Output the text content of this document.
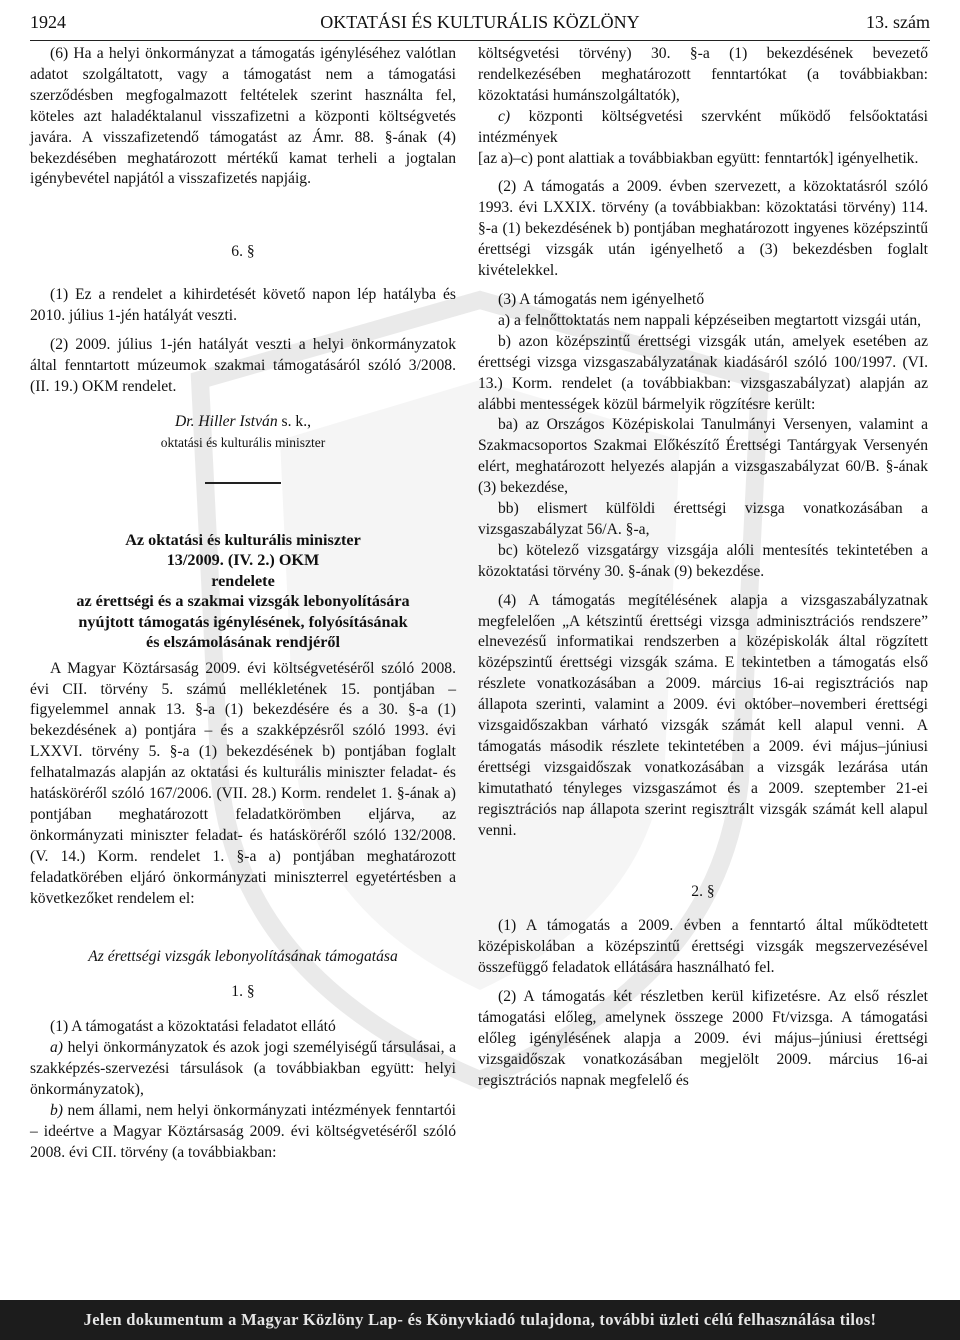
1924	OKTATÁSI ÉS KULTURÁLIS KÖZLÖNY	13. szám

(6) Ha a helyi önkormányzat a támogatás igényléséhez valótlan adatot szolgáltatott, vagy a támogatást nem a támogatási szerződésben megfogalmazott feltételek szerint használta fel, köteles azt haladéktalanul visszafizetni a központi költségvetés javára. A visszafizetendő támogatást az Ámr. 88. §-ának (4) bekezdésében meghatározott mértékű kamat terheli a jogtalan igénybevétel napjától a visszafizetés napjáig.

6. §

(1) Ez a rendelet a kihirdetését követő napon lép hatályba és 2010. július 1-jén hatályát veszti.

(2) 2009. július 1-jén hatályát veszti a helyi önkormányzatok által fenntartott múzeumok szakmai támogatásáról szóló 3/2008. (II. 19.) OKM rendelet.

Dr. Hiller István s. k.,

oktatási és kulturális miniszter

Az oktatási és kulturális miniszter

13/2009. (IV. 2.) OKM

rendelete

az érettségi és a szakmai vizsgák lebonyolítására

nyújtott támogatás igénylésének, folyósításának

és elszámolásának rendjéről

A Magyar Köztársaság 2009. évi költségvetéséről szóló 2008. évi CII. törvény 5. számú mellékletének 15. pontjában – figyelemmel annak 13. §-a (1) bekezdésére és a 30. §-a (1) bekezdésének a) pontjára – és a szakképzésről szóló 1993. évi LXXVI. törvény 5. §-a (1) bekezdésének b) pontjában foglalt felhatalmazás alapján az oktatási és kulturális miniszter feladat- és hatásköréről szóló 167/2006. (VII. 28.) Korm. rendelet 1. §-ának a) pontjában meghatározott feladatkörömben eljárva, az önkormányzati miniszter feladat- és hatásköréről szóló 132/2008. (V. 14.) Korm. rendelet 1. §-a a) pontjában meghatározott feladatkörében eljáró önkormányzati miniszterrel egyetértésben a következőket rendelem el:

Az érettségi vizsgák lebonyolításának támogatása

1. §

(1) A támogatást a közoktatási feladatot ellátó

a) helyi önkormányzatok és azok jogi személyiségű társulásai, a szakképzés-szervezési társulások (a továbbiakban együtt: helyi önkormányzatok),

b) nem állami, nem helyi önkormányzati intézmények fenntartói – ideértve a Magyar Köztársaság 2009. évi költségvetéséről szóló 2008. évi CII. törvény (a továbbiakban:

költségvetési törvény) 30. §-a (1) bekezdésének bevezető rendelkezésében meghatározott fenntartókat (a továbbiakban: közoktatási humánszolgáltatók),

c) központi költségvetési szervként működő felsőoktatási intézmények

[az a)–c) pont alattiak a továbbiakban együtt: fenntartók] igényelhetik.

(2) A támogatás a 2009. évben szervezett, a közoktatásról szóló 1993. évi LXXIX. törvény (a továbbiakban: közoktatási törvény) 114. §-a (1) bekezdésének b) pontjában meghatározott ingyenes középszintű érettségi vizsgák után igényelhető a (3) bekezdésben foglalt kivételekkel.

(3) A támogatás nem igényelhető

a) a felnőttoktatás nem nappali képzéseiben megtartott vizsgái után,

b) azon középszintű érettségi vizsgák után, amelyek esetében az érettségi vizsga vizsgaszabályzatának kiadásáról szóló 100/1997. (VI. 13.) Korm. rendelet (a továbbiakban: vizsgaszabályzat) alapján az alábbi mentességek közül bármelyik rögzítésre került:

ba) az Országos Középiskolai Tanulmányi Versenyen, valamint a Szakmacsoportos Szakmai Előkészítő Érettségi Tantárgyak Versenyén elért, meghatározott helyezés alapján a vizsgaszabályzat 60/B. §-ának (3) bekezdése,

bb) elismert külföldi érettségi vizsga vonatkozásában a vizsgaszabályzat 56/A. §-a,

bc) kötelező vizsgatárgy vizsgája alóli mentesítés tekintetében a közoktatási törvény 30. §-ának (9) bekezdése.

(4) A támogatás megítélésének alapja a vizsgaszabályzatnak megfelelően „A kétszintű érettségi vizsga adminisztrációs rendszere” elnevezésű informatikai rendszerben a középiskolák által rögzített középszintű érettségi vizsgák száma. E tekintetben a támogatás első részlete vonatkozásában a 2009. március 16-ai regisztrációs nap állapota szerinti, valamint a 2009. évi október–novemberi érettségi vizsgaidőszakban várható vizsgák számát kell alapul venni. A támogatás második részlete tekintetében a 2009. évi május–júniusi érettségi vizsgaidőszak vonatkozásában a vizsgák lezárása után kimutatható tényleges vizsgaszámot és a 2009. szeptember 21-ei regisztrációs nap állapota szerint regisztrált vizsgák számát kell alapul venni.

2. §

(1) A támogatás a 2009. évben a fenntartó által működtetett középiskolában a középszintű érettségi vizsgák megszervezésével összefüggő feladatok ellátására használható fel.

(2) A támogatás két részletben kerül kifizetésre. Az első részlet támogatási előleg, amelynek összege 2000 Ft/vizsga. A támogatási előleg igénylésének alapja a 2009. évi május–júniusi érettségi vizsgaidőszak vonatkozásában megjelölt 2009. március 16-ai regisztrációs napnak megfelelő és

Jelen dokumentum a Magyar Közlöny Lap- és Könyvkiadó tulajdona, további üzleti célú felhasználása tilos!
